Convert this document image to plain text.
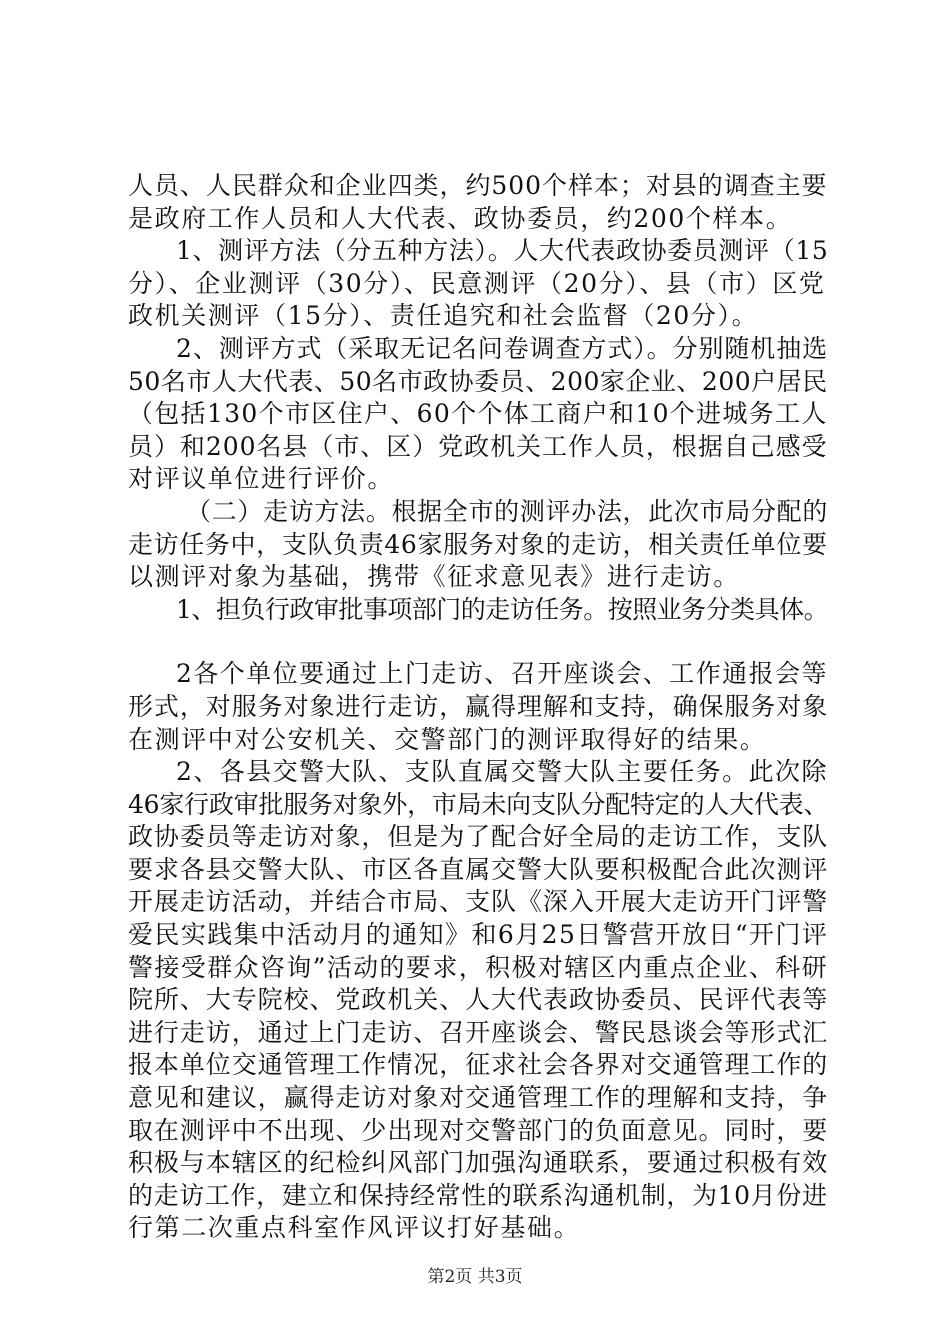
人员、人民群众和企业四类，约500个样本；对县的调查主要
是政府工作人员和人大代表、政协委员，约200个样本。
1、测评方法（分五种方法）。人大代表政协委员测评（15
分）、企业测评（30分）、民意测评（20分）、县（市）区党
政机关测评（15分）、责任追究和社会监督（20分）。
2、测评方式（采取无记名问卷调查方式）。分别随机抽选
50名市人大代表、50名市政协委员、200家企业、200户居民
（包括130个市区住户、60个个体工商户和10个进城务工人
员）和200名县（市、区）党政机关工作人员，根据自己感受
对评议单位进行评价。
（二）走访方法。根据全市的测评办法，此次市局分配的
走访任务中，支队负责46家服务对象的走访，相关责任单位要
以测评对象为基础，携带《征求意见表》进行走访。
1、担负行政审批事项部门的走访任务。按照业务分类具体。
2各个单位要通过上门走访、召开座谈会、工作通报会等
形式，对服务对象进行走访，赢得理解和支持，确保服务对象
在测评中对公安机关、交警部门的测评取得好的结果。
2、各县交警大队、支队直属交警大队主要任务。此次除
46家行政审批服务对象外，市局未向支队分配特定的人大代表、
政协委员等走访对象，但是为了配合好全局的走访工作，支队
要求各县交警大队、市区各直属交警大队要积极配合此次测评
开展走访活动，并结合市局、支队《深入开展大走访开门评警
爱民实践集中活动月的通知》和6月25日警营开放日“开门评
警接受群众咨询”活动的要求，积极对辖区内重点企业、科研
院所、大专院校、党政机关、人大代表政协委员、民评代表等
进行走访，通过上门走访、召开座谈会、警民恳谈会等形式汇
报本单位交通管理工作情况，征求社会各界对交通管理工作的
意见和建议，赢得走访对象对交通管理工作的理解和支持，争
取在测评中不出现、少出现对交警部门的负面意见。同时，要
积极与本辖区的纪检纠风部门加强沟通联系，要通过积极有效
的走访工作，建立和保持经常性的联系沟通机制，为10月份进
行第二次重点科室作风评议打好基础。
第2页 共3页
